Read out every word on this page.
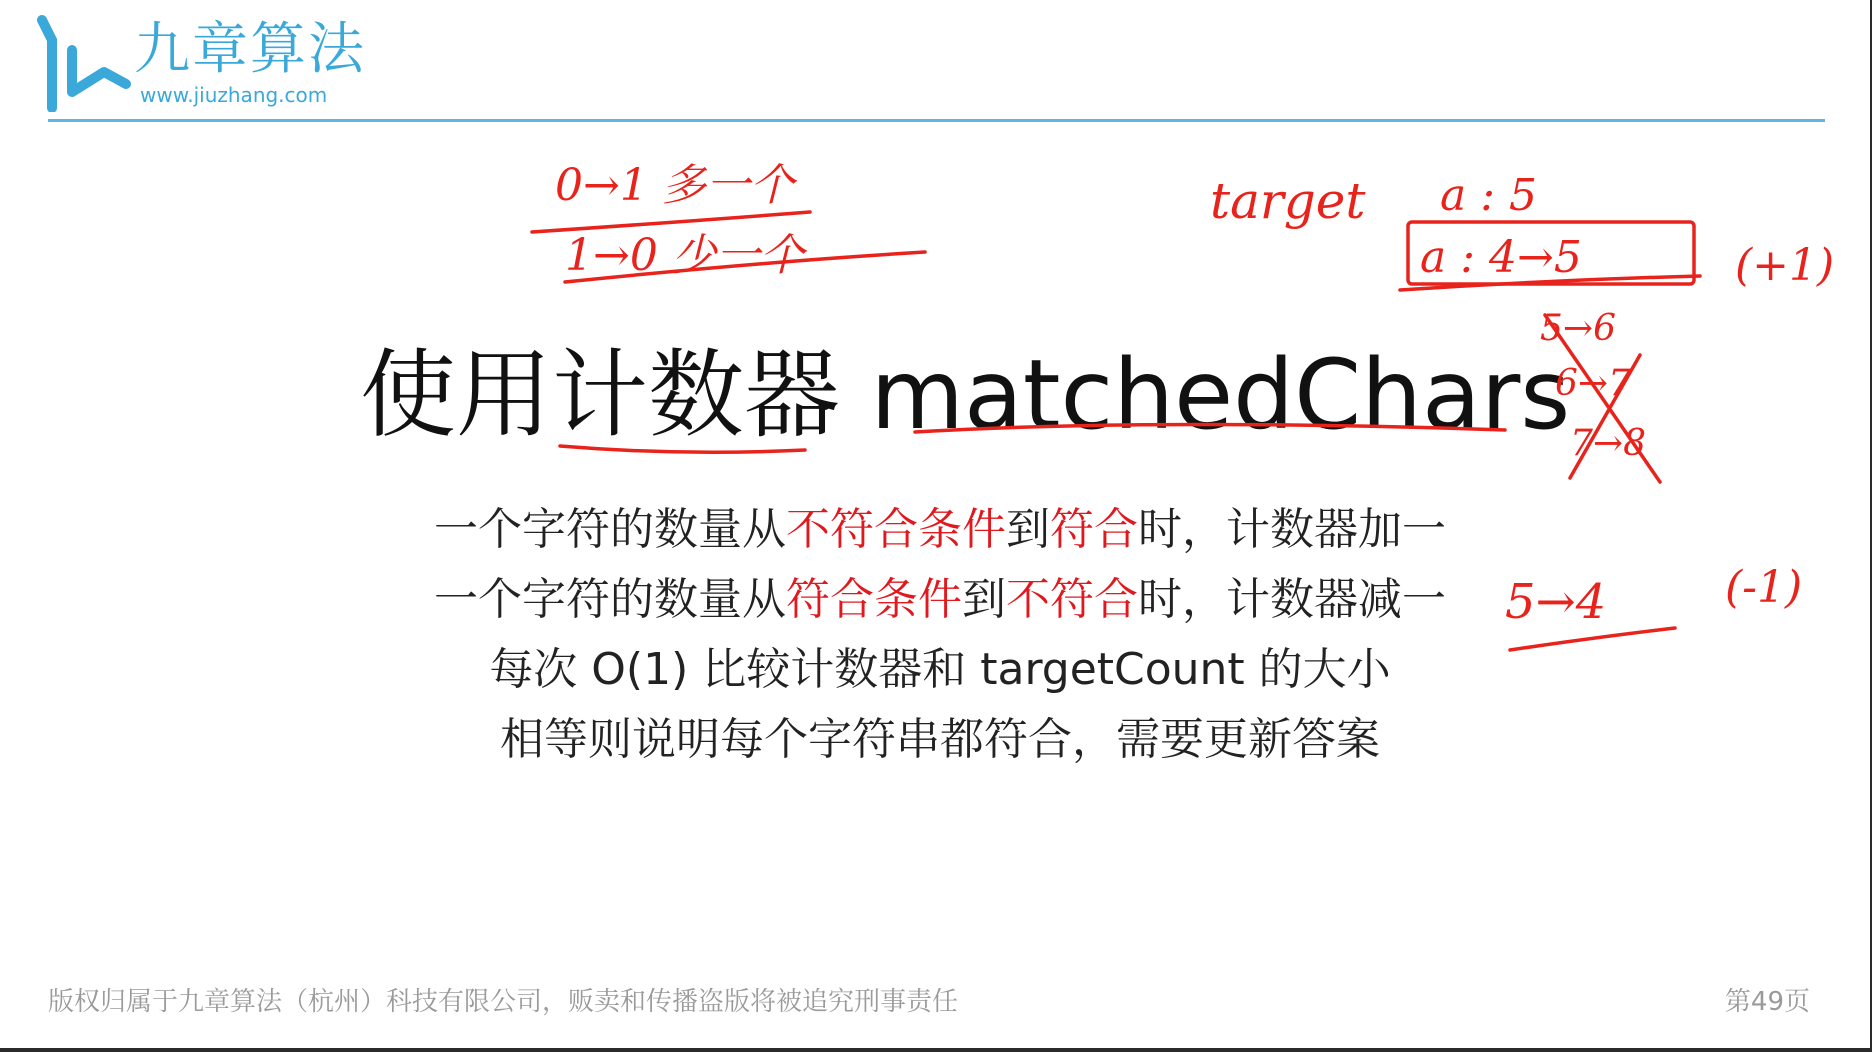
九章算法
www.jiuzhang.com
使用计数器 matchedChars
一个字符的数量从不符合条件到符合时，计数器加一
一个字符的数量从符合条件到不符合时，计数器减一
每次 O(1) 比较计数器和 targetCount 的大小
相等则说明每个字符串都符合，需要更新答案
0→1 多一个
1→0 少一个
target a : 5
a : 4→5	(+1)
5→6
6→7
7→8
5→4	(-1)
版权归属于九章算法（杭州）科技有限公司，贩卖和传播盗版将被追究刑事责任	第49页
